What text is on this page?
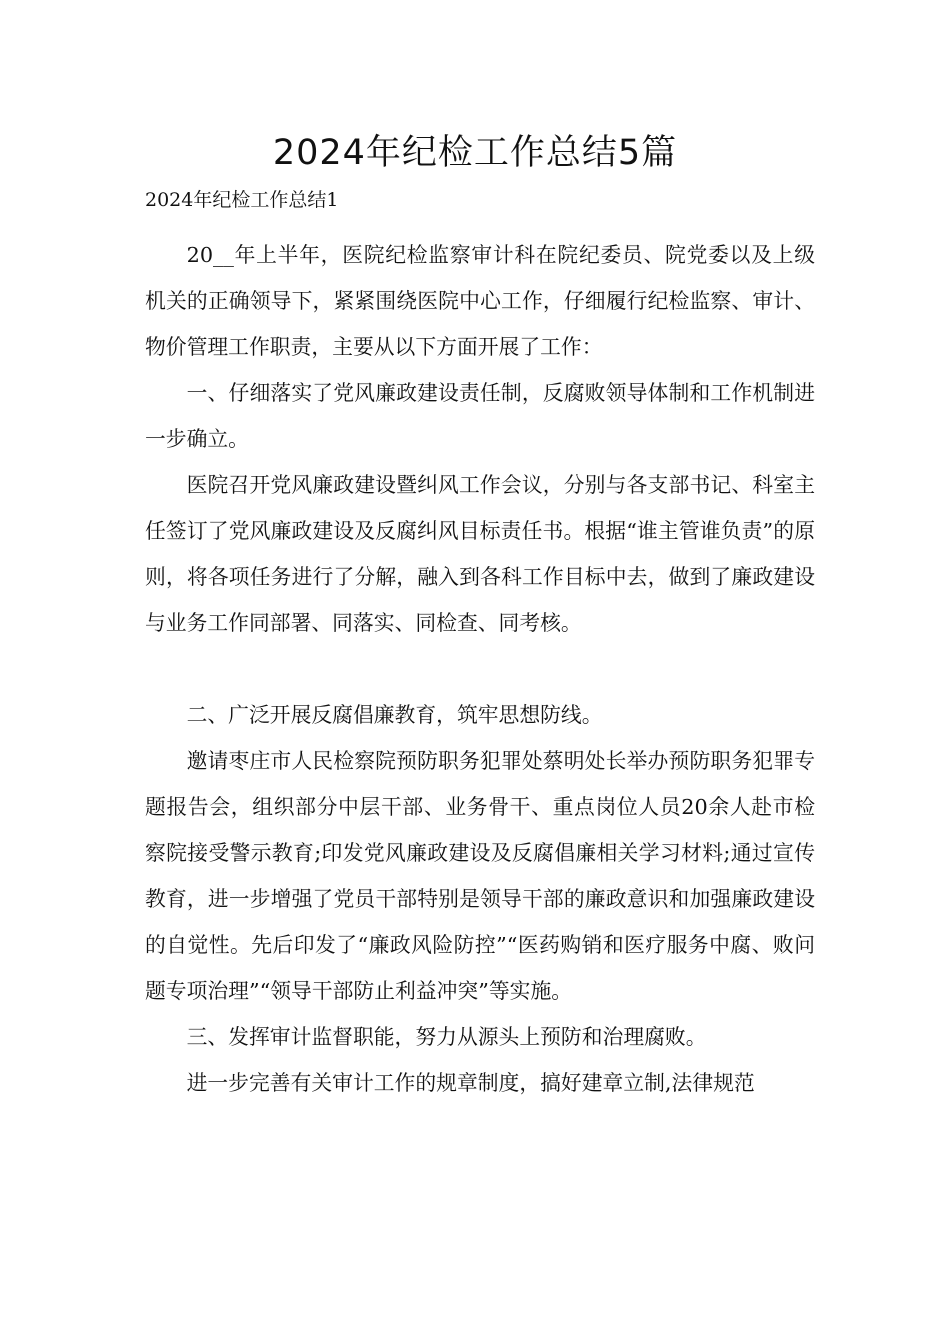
2024年纪检工作总结5篇
2024年纪检工作总结1

20__年上半年，医院纪检监察审计科在院纪委员、院党委以及上级机关的正确领导下，紧紧围绕医院中心工作，仔细履行纪检监察、审计、物价管理工作职责，主要从以下方面开展了工作：

一、仔细落实了党风廉政建设责任制，反腐败领导体制和工作机制进一步确立。

医院召开党风廉政建设暨纠风工作会议，分别与各支部书记、科室主任签订了党风廉政建设及反腐纠风目标责任书。根据“谁主管谁负责”的原则，将各项任务进行了分解，融入到各科工作目标中去，做到了廉政建设与业务工作同部署、同落实、同检查、同考核。

二、广泛开展反腐倡廉教育，筑牢思想防线。

邀请枣庄市人民检察院预防职务犯罪处蔡明处长举办预防职务犯罪专题报告会，组织部分中层干部、业务骨干、重点岗位人员20余人赴市检察院接受警示教育;印发党风廉政建设及反腐倡廉相关学习材料;通过宣传教育，进一步增强了党员干部特别是领导干部的廉政意识和加强廉政建设的自觉性。先后印发了“廉政风险防控”“医药购销和医疗服务中腐、败问题专项治理”“领导干部防止利益冲突”等实施。

三、发挥审计监督职能，努力从源头上预防和治理腐败。

进一步完善有关审计工作的规章制度，搞好建章立制,法律规范
